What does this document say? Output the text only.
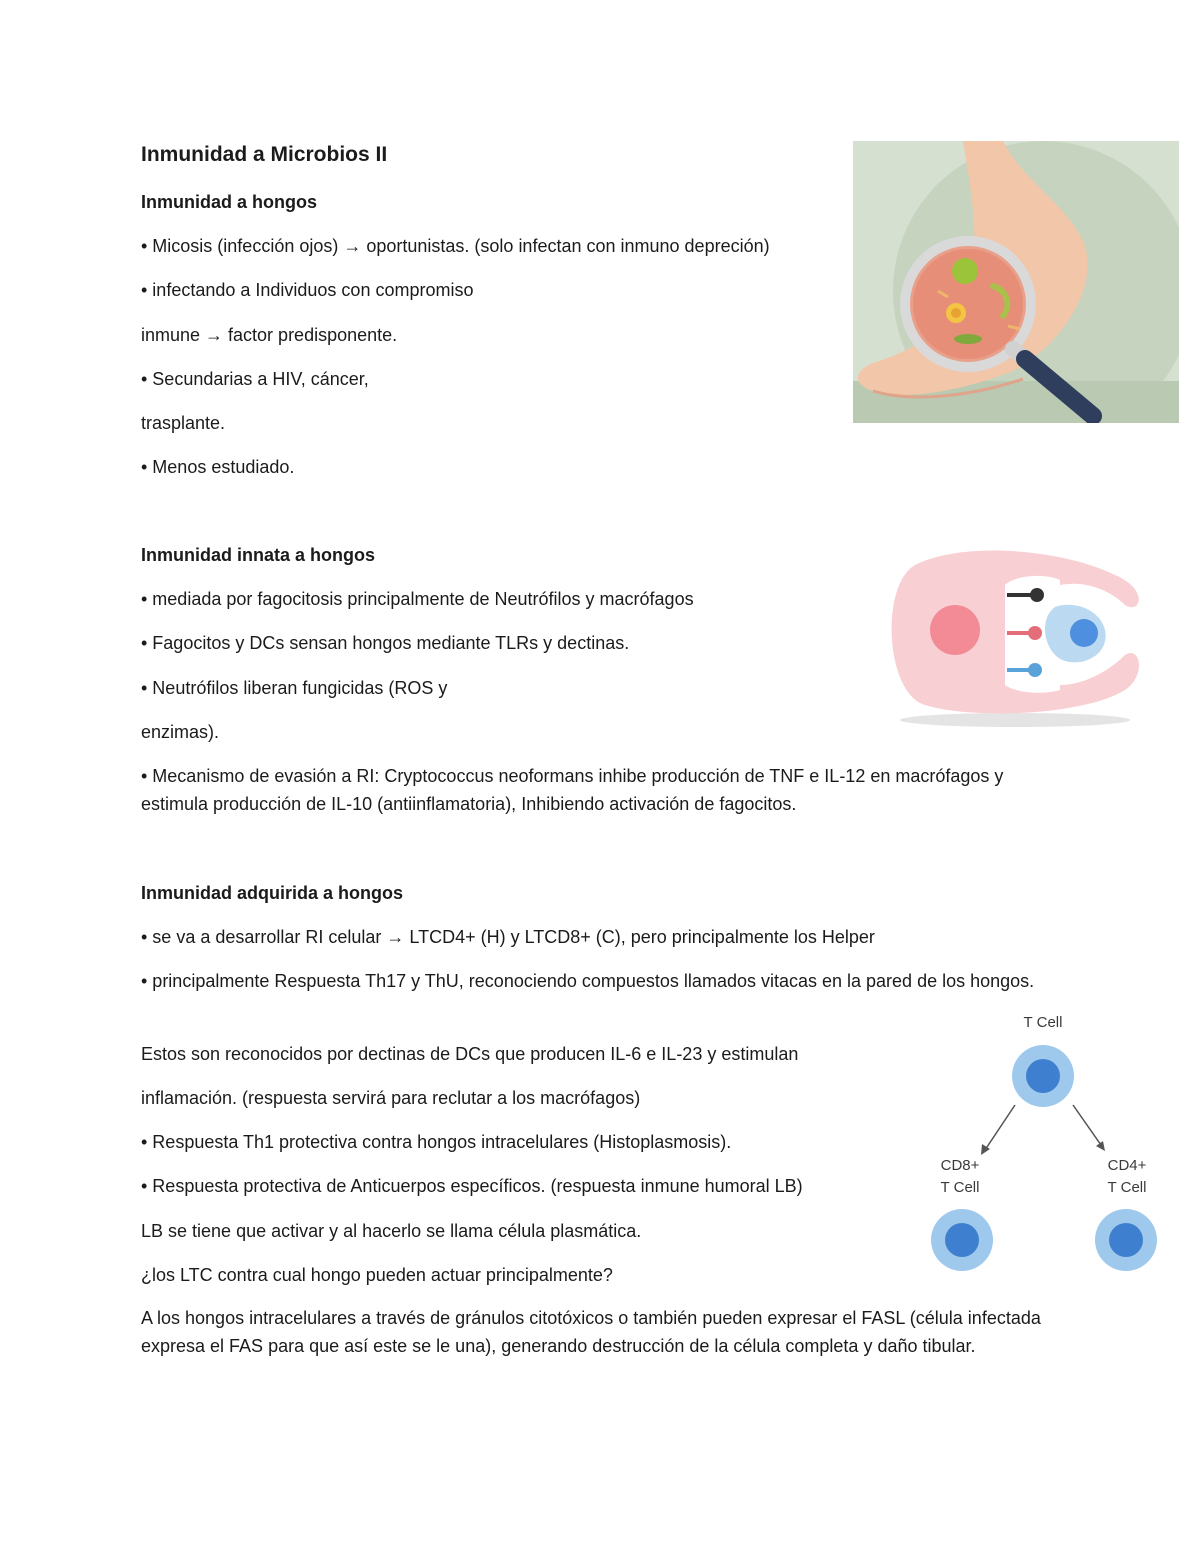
Inmunidad a Microbios II
Inmunidad a hongos
• Micosis (infección ojos) → oportunistas. (solo infectan con inmuno depreción)
• infectando a Individuos con compromiso
inmune → factor predisponente.
• Secundarias a HIV, cáncer,
trasplante.
• Menos estudiado.
Inmunidad innata a hongos
• mediada por fagocitosis principalmente de Neutrófilos y macrófagos
• Fagocitos y DCs sensan hongos mediante TLRs y dectinas.
• Neutrófilos liberan fungicidas (ROS y
enzimas).
• Mecanismo de evasión a RI: Cryptococcus neoformans inhibe producción de TNF e IL-12 en macrófagos y estimula producción de IL-10 (antiinflamatoria), Inhibiendo activación de fagocitos.
Inmunidad adquirida a hongos
• se va a desarrollar RI celular → LTCD4+ (H) y LTCD8+ (C), pero principalmente los Helper
• principalmente Respuesta Th17 y ThU, reconociendo compuestos llamados vitacas en la pared de los hongos.
Estos son reconocidos por dectinas de DCs que producen IL-6 e IL-23 y estimulan
inflamación. (respuesta servirá para reclutar a los macrófagos)
• Respuesta Th1 protectiva contra hongos intracelulares (Histoplasmosis).
• Respuesta protectiva de Anticuerpos específicos. (respuesta inmune humoral LB)
LB se tiene que activar y al hacerlo se llama célula plasmática.
¿los LTC contra cual hongo pueden actuar principalmente?
A los hongos intracelulares a través de gránulos citotóxicos o también pueden expresar el FASL (célula infectada expresa el FAS para que así este se le una), generando destrucción de la célula completa y daño tibular.
T Cell
CD8+
T Cell
CD4+
T Cell
